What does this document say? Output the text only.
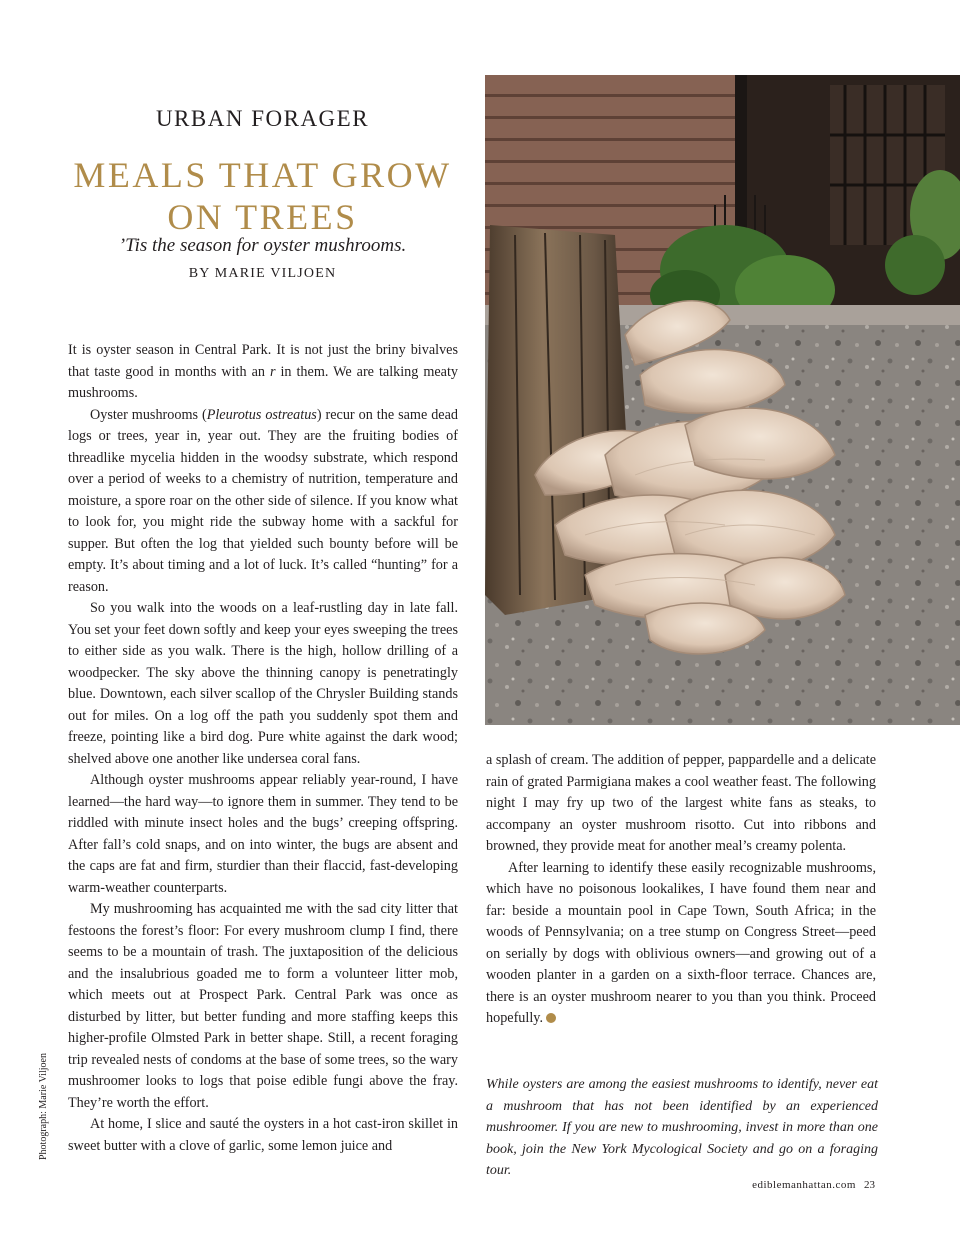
URBAN FORAGER
MEALS THAT GROW ON TREES

’Tis the season for oyster mushrooms.

BY MARIE VILJOEN

It is oyster season in Central Park. It is not just the briny bivalves that taste good in months with an r in them. We are talking meaty mushrooms.

Oyster mushrooms (Pleurotus ostreatus) recur on the same dead logs or trees, year in, year out. They are the fruiting bodies of threadlike mycelia hidden in the woodsy substrate, which respond over a period of weeks to a chemistry of nutrition, temperature and moisture, a spore roar on the other side of silence. If you know what to look for, you might ride the subway home with a sackful for supper. But often the log that yielded such bounty before will be empty. It’s about timing and a lot of luck. It’s called “hunting” for a reason.

So you walk into the woods on a leaf-rustling day in late fall. You set your feet down softly and keep your eyes sweeping the trees to either side as you walk. There is the high, hollow drilling of a woodpecker. The sky above the thinning canopy is penetratingly blue. Downtown, each silver scallop of the Chrysler Building stands out for miles. On a log off the path you suddenly spot them and freeze, pointing like a bird dog. Pure white against the dark wood; shelved above one another like undersea coral fans.

Although oyster mushrooms appear reliably year-round, I have learned—the hard way—to ignore them in summer. They tend to be riddled with minute insect holes and the bugs’ creeping offspring. After fall’s cold snaps, and on into winter, the bugs are absent and the caps are fat and firm, sturdier than their flaccid, fast-developing warm-weather counterparts.

My mushrooming has acquainted me with the sad city litter that festoons the forest’s floor: For every mushroom clump I find, there seems to be a mountain of trash. The juxtaposition of the delicious and the insalubrious goaded me to form a volunteer litter mob, which meets out at Prospect Park. Central Park was once as disturbed by litter, but better funding and more staffing keeps this higher-profile Olmsted Park in better shape. Still, a recent foraging trip revealed nests of condoms at the base of some trees, so the wary mushroomer looks to logs that poise edible fungi above the fray. They’re worth the effort.

At home, I slice and sauté the oysters in a hot cast-iron skillet in sweet butter with a clove of garlic, some lemon juice and

a splash of cream. The addition of pepper, pappardelle and a delicate rain of grated Parmigiana makes a cool weather feast. The following night I may fry up two of the largest white fans as steaks, to accompany an oyster mushroom risotto. Cut into ribbons and browned, they provide meat for another meal’s creamy polenta.

After learning to identify these easily recognizable mushrooms, which have no poisonous lookalikes, I have found them near and far: beside a mountain pool in Cape Town, South Africa; in the woods of Pennsylvania; on a tree stump on Congress Street—peed on serially by dogs with oblivious owners—and growing out of a wooden planter in a garden on a sixth-floor terrace. Chances are, there is an oyster mushroom nearer to you than you think. Proceed hopefully.

While oysters are among the easiest mushrooms to identify, never eat a mushroom that has not been identified by an experienced mushroomer. If you are new to mushrooming, invest in more than one book, join the New York Mycological Society and go on a foraging tour.

Photograph: Marie Viljoen
ediblemanhattan.com 23
